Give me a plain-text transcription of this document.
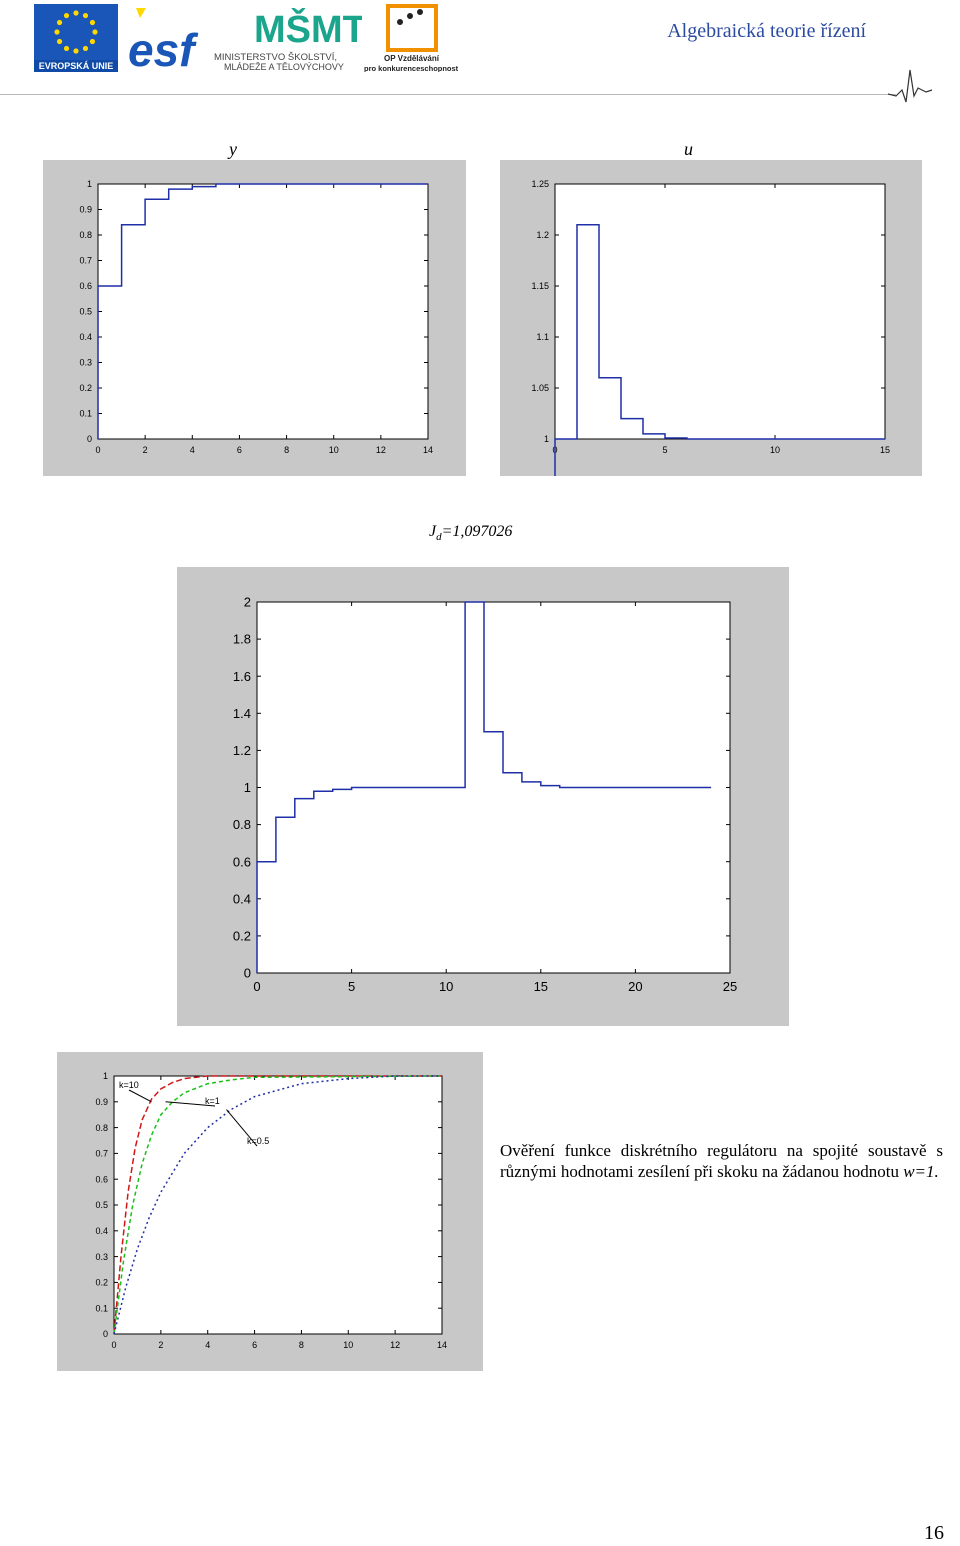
EVROPSKÁ UNIE esf MŠMT
MINISTERSTVO ŠKOLSTVÍ,
MLÁDEŽE A TĚLOVÝCHOVY
OP Vzdělávání
pro konkurenceschopnost
Algebraická teorie řízení
y	u
0	2	4	6	8	10	12	14
0
0.1
0.2
0.3
0.4
0.5
0.6
0.7
0.8
0.9
1
0	5	10	15
1
1.05
1.1
1.15
1.2
1.25
$J_d=1,097026$
0	5	10	15	20	25
0
0.2
0.4
0.6
0.8
1
1.2
1.4
1.6
1.8
2
0	2	4	6	8	10	12	14
0
0.1
0.2
0.3
0.4
0.5
0.6
0.7
0.8
0.9
1
k=10
k=1
k=0.5	Ověření funkce diskrétního regulátoru na spojité soustavě s různými hodnotami zesílení při skoku na žádanou hodnotu w=1.
16
